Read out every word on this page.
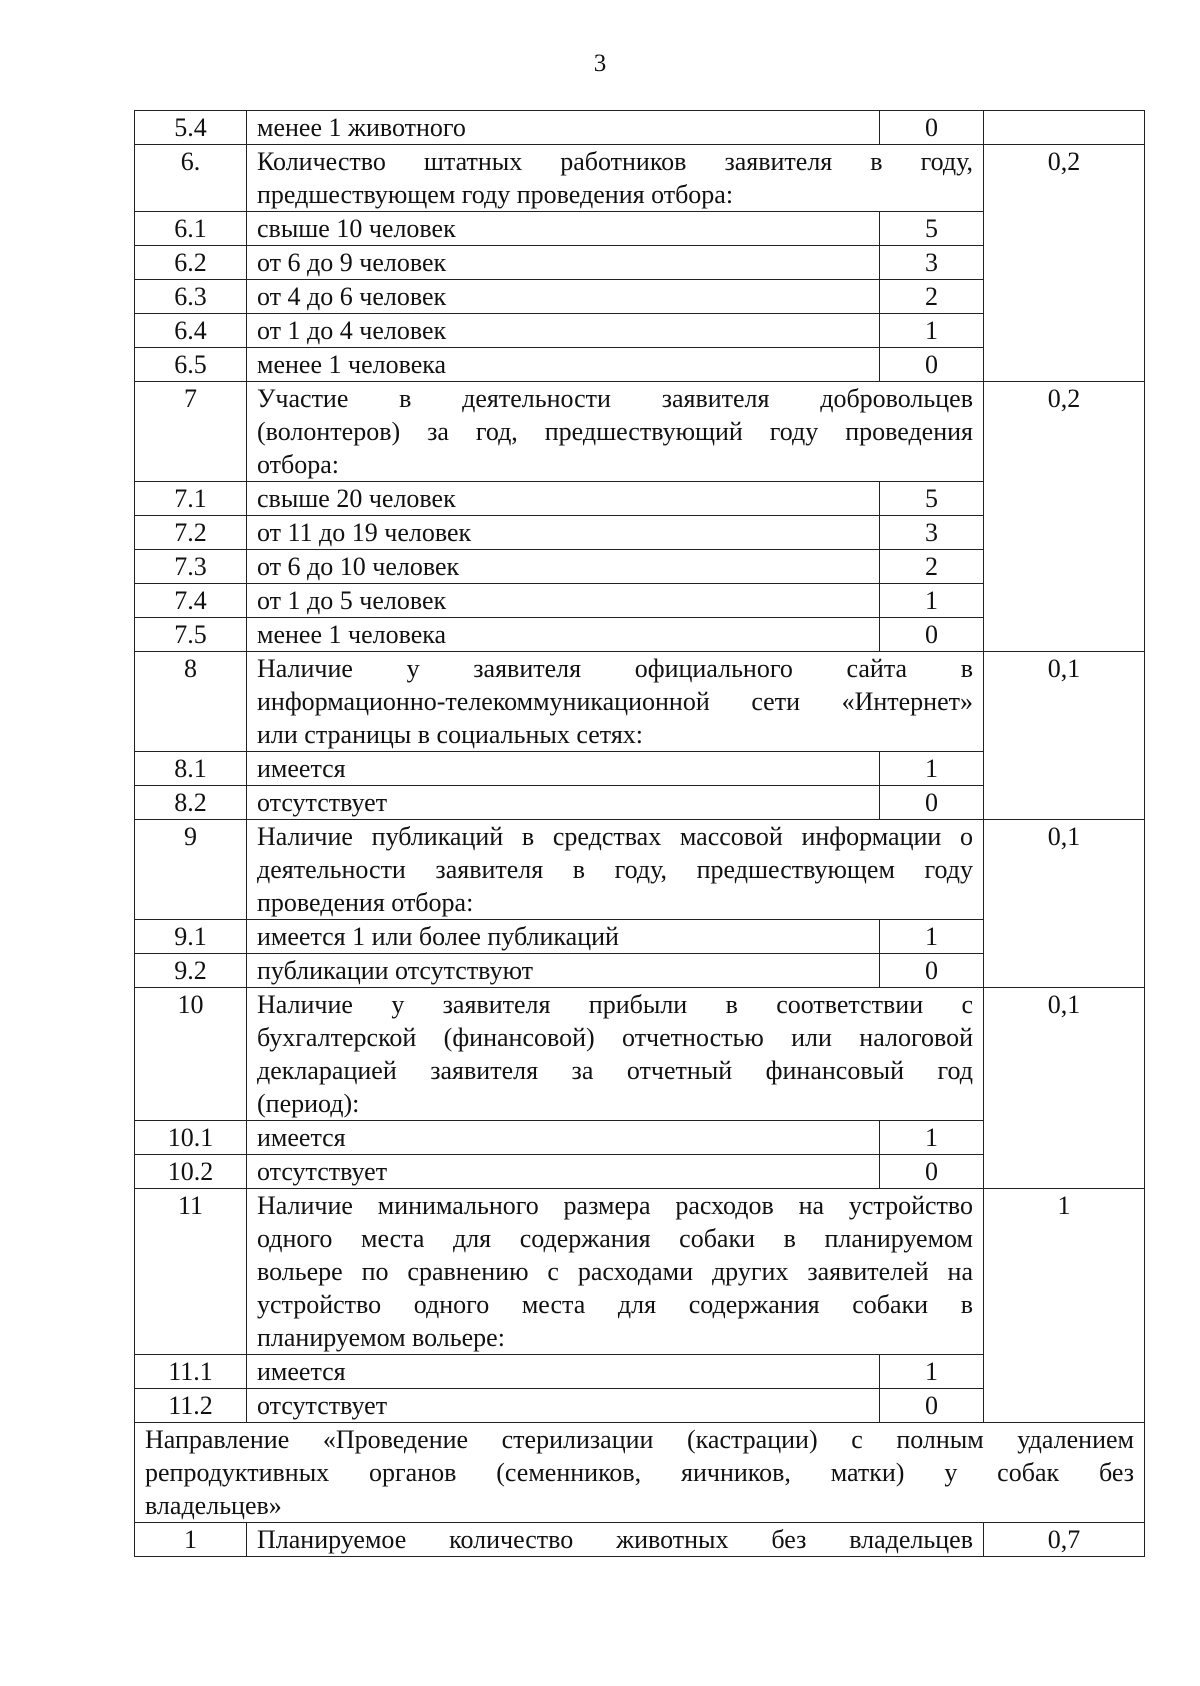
3
5.4	менее 1 животного	0	
6.	Количество штатных работников заявителя в году,
предшествующем году проведения отбора:		0,2
6.1	свыше 10 человек	5	
6.2	от 6 до 9 человек	3	
6.3	от 4 до 6 человек	2	
6.4	от 1 до 4 человек	1	
6.5	менее 1 человека	0	
7	Участие в деятельности заявителя добровольцев
(волонтеров) за год, предшествующий году проведения
отбора:		0,2
7.1	свыше 20 человек	5	
7.2	от 11 до 19 человек	3	
7.3	от 6 до 10 человек	2	
7.4	от 1 до 5 человек	1	
7.5	менее 1 человека	0	
8	Наличие у заявителя официального сайта в
информационно-телекоммуникационной сети «Интернет»
или страницы в социальных сетях:		0,1
8.1	имеется	1	
8.2	отсутствует	0	
9	Наличие публикаций в средствах массовой информации о
деятельности заявителя в году, предшествующем году
проведения отбора:		0,1
9.1	имеется 1 или более публикаций	1	
9.2	публикации отсутствуют	0	
10	Наличие у заявителя прибыли в соответствии с
бухгалтерской (финансовой) отчетностью или налоговой
декларацией заявителя за отчетный финансовый год
(период):		0,1
10.1	имеется	1	
10.2	отсутствует	0	
11	Наличие минимального размера расходов на устройство
одного места для содержания собаки в планируемом
вольере по сравнению с расходами других заявителей на
устройство одного места для содержания собаки в
планируемом вольере:		1
11.1	имеется	1	
11.2	отсутствует	0	

Направление «Проведение стерилизации (кастрации) с полным удалением
репродуктивных органов (семенников, яичников, матки) у собак без
владельцев»			

1	Планируемое количество животных без владельцев		0,7
